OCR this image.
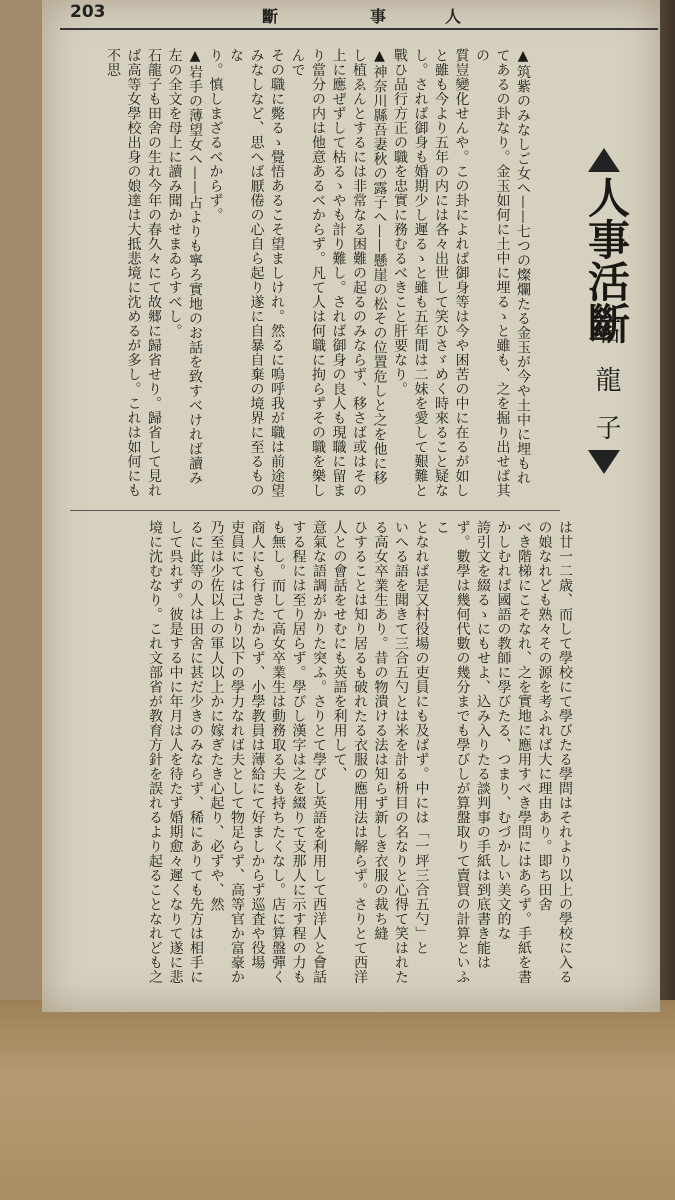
203	斷	事	人
人事活斷
石龍子
▲筑紫のみなしご女へ——七つの燦爛たる金玉が今や土中に埋もれてあるの卦なり。金玉如何に土中に埋るゝと雖も、之を掘り出せば其の
質豈變化せんや。この卦によれば御身等は今や困苦の中に在るが如しと雖も今より五年の内には各々出世して笑ひさゞめく時來ること疑な
し。されば御身も婚期少し遲るゝと雖も五年間は二妹を愛して艱難と戰ひ品行方正の職を忠實に務むるべきこと肝要なり。
▲神奈川縣吾妻秋の露子へ——懸崖の松その位置危しと之を他に移し植ゑんとするには非常なる困難の起るのみならず、移さば或はその
上に應ぜずして枯るゝやも計り難し。されば御身の良人も現職に留まり當分の内は他意あるべからず。凡て人は何職に拘らずその職を樂しんで
その職に斃るゝ覺悟あるこそ望ましけれ。然るに嗚呼我が職は前途望みなしなど、思へば厭倦の心自ら起り遂に自暴自棄の境界に至るものな
り。慎しまざるべからず。
▲岩手の薄望女へ——占よりも寧ろ實地のお話を致すべければ讀み左の全文を母上に讀み聞かせまゐらすべし。
石龍子も田舍の生れ今年の春久々にて故郷に歸省せり。歸省して見れば高等女學校出身の娘達は大抵悲境に沈めるが多し。これは如何にも不思
は廿一二歳、而して學校にて學びたる學問はそれより以上の學校に入るの娘なれども熟々その源を考ふれば大に理由あり。即ち田舍
べき階梯にこそなれ、之を實地に應用すべき學問にはあらず。手紙を書かしむれば國語の教師に學びたる、つまり、むづかしい美文的な
誇引文を綴るゝにもせよ、込み入りたる談判事の手紙は到底書き能はず。數學は幾何代數の幾分までも學びしが算盤取りて賣買の計算といふこ
となれば是又村役場の吏員にも及ばず。中には「一坪三合五勺」と
いへる語を聞きて三合五勺とは米を計る枡目の名なりと心得て笑はれたる高女卒業生あり。昔の物潰ける法は知らず新しき衣服の裁ち縫
ひすることは知り居るも破れたる衣服の應用法は解らず。さりとて西洋人との會話をせむにも英語を利用して、
意氣な語調がかりた突ふ。さりとて學びし英語を利用して西洋人と會話する程には至り居らず。學びし漢字は之を綴りて支那人に示す程の力も
も無し。而して高女卒業生は動務取る夫も持ちたくなし。店に算盤彈く商人にも行きたからず、小學教員は薄給にて好ましからず巡査や役場
吏員にては己より以下の學力なれば夫として物足らず、高等官か富豪か乃至は少佐以上の軍人以上かに嫁ぎたき心起り、必ずや、然
るに此等の人は田舍に甚だ少きのみならず、稀にありても先方は相手にして呉れず。彼是する中に年月は人を待たず婚期愈々遲くなりて遂に悲
境に沈むなり。これ文部省が教育方針を誤れるより起ることなれども之
